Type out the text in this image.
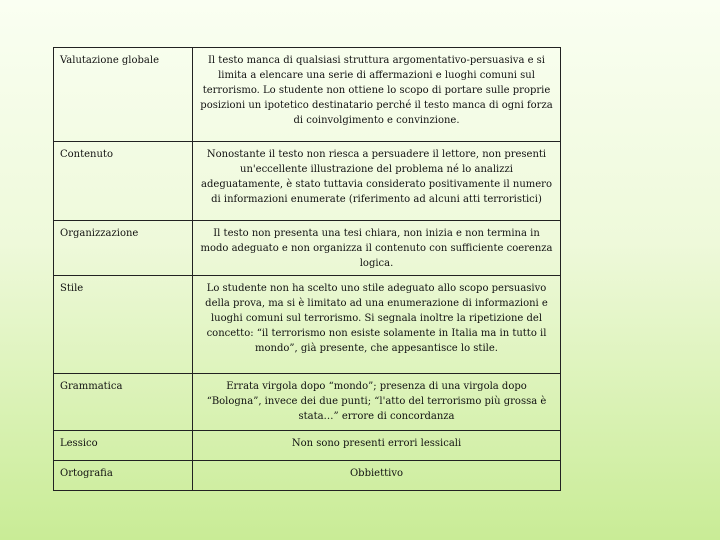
Valutazione globale	Il testo manca di qualsiasi struttura argomentativo-persuasiva e si limita a elencare una serie di affermazioni e luoghi comuni sul terrorismo. Lo studente non ottiene lo scopo di portare sulle proprie posizioni un ipotetico destinatario perché il testo manca di ogni forza di coinvolgimento e convinzione.
Contenuto	Nonostante il testo non riesca a persuadere il lettore, non presenti un'eccellente illustrazione del problema né lo analizzi adeguatamente, è stato tuttavia considerato positivamente il numero di informazioni enumerate (riferimento ad alcuni atti terroristici)
Organizzazione	Il testo non presenta una tesi chiara, non inizia e non termina in modo adeguato e non organizza il contenuto con sufficiente coerenza logica.
Stile	Lo studente non ha scelto uno stile adeguato allo scopo persuasivo della prova, ma si è limitato ad una enumerazione di informazioni e luoghi comuni sul terrorismo. Si segnala inoltre la ripetizione del concetto: “il terrorismo non esiste solamente in Italia ma in tutto il mondo”, già presente, che appesantisce lo stile.
Grammatica	Errata virgola dopo “mondo”; presenza di una virgola dopo “Bologna”, invece dei due punti; “l'atto del terrorismo più grossa è stata…” errore di concordanza
Lessico	Non sono presenti errori lessicali
Ortografia	Obbiettivo
